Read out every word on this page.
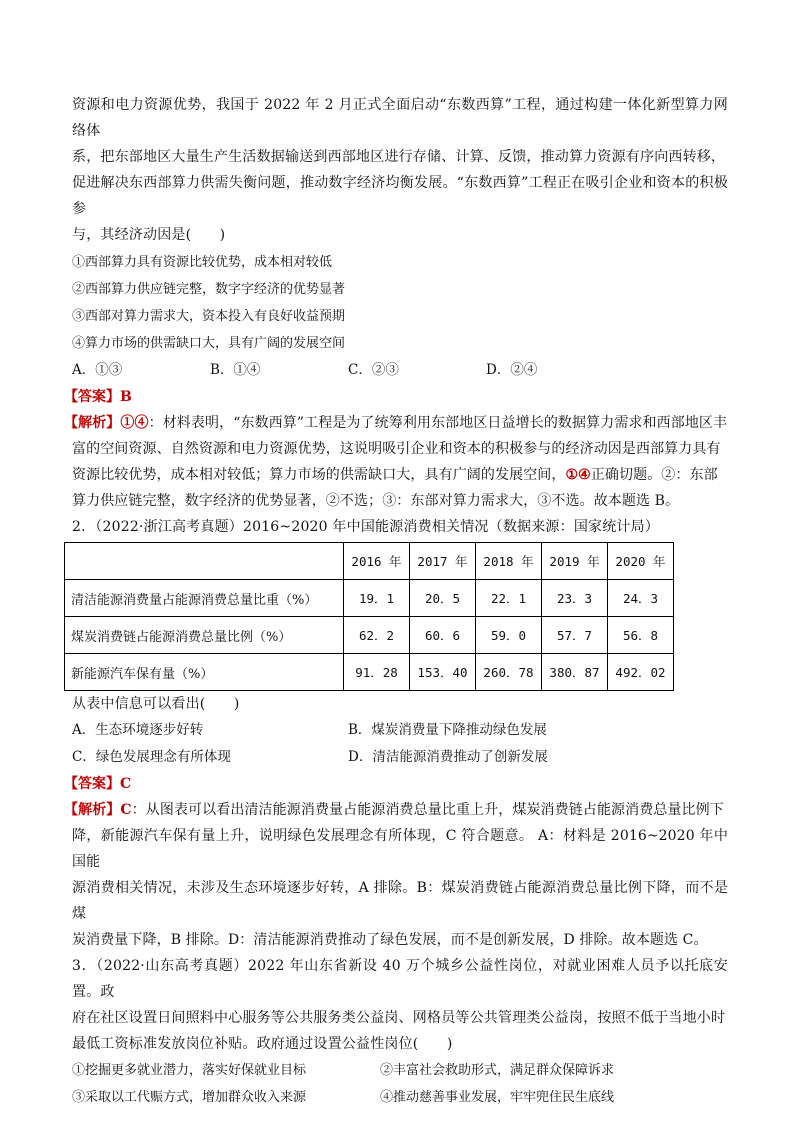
资源和电力资源优势，我国于 2022 年 2 月正式全面启动“东数西算”工程，通过构建一体化新型算力网络体

系，把东部地区大量生产生活数据输送到西部地区进行存储、计算、反馈，推动算力资源有序向西转移，

促进解决东西部算力供需失衡问题，推动数字经济均衡发展。“东数西算”工程正在吸引企业和资本的积极参

与，其经济动因是(　　)

①西部算力具有资源比较优势，成本相对较低

②西部算力供应链完整，数字字经济的优势显著

③西部对算力需求大，资本投入有良好收益预期

④算力市场的供需缺口大，具有广阔的发展空间

A．①③	B．①④	C．②③	D．②④

【答案】B

【解析】①④：材料表明，“东数西算”工程是为了统筹利用东部地区日益增长的数据算力需求和西部地区丰

富的空间资源、自然资源和电力资源优势，这说明吸引企业和资本的积极参与的经济动因是西部算力具有

资源比较优势，成本相对较低；算力市场的供需缺口大，具有广阔的发展空间，①④正确切题。②：东部

算力供应链完整，数字经济的优势显著，②不选；③：东部对算力需求大，③不选。故本题选 B。

2．（2022·浙江高考真题）2016~2020 年中国能源消费相关情况（数据来源：国家统计局）

	2016 年	2017 年	2018 年	2019 年	2020 年
清洁能源消费量占能源消费总量比重（%）	19．1	20．5	22．1	23．3	24．3
煤炭消费链占能源消费总量比例（%）	62．2	60．6	59．0	57．7	56．8
新能源汽车保有量（%）	91．28	153．40	260．78	380．87	492．02

从表中信息可以看出(　　)

A．生态环境逐步好转	B．煤炭消费量下降推动绿色发展

C．绿色发展理念有所体现	D．清洁能源消费推动了创新发展

【答案】C

【解析】C：从图表可以看出清洁能源消费量占能源消费总量比重上升，煤炭消费链占能源消费总量比例下

降，新能源汽车保有量上升，说明绿色发展理念有所体现，C 符合题意。 A：材料是 2016~2020 年中国能

源消费相关情况，未涉及生态环境逐步好转，A 排除。B：煤炭消费链占能源消费总量比例下降，而不是煤

炭消费量下降，B 排除。D：清洁能源消费推动了绿色发展，而不是创新发展，D 排除。故本题选 C。

3．（2022·山东高考真题）2022 年山东省新设 40 万个城乡公益性岗位，对就业困难人员予以托底安置。政

府在社区设置日间照料中心服务等公共服务类公益岗、网格员等公共管理类公益岗，按照不低于当地小时

最低工资标准发放岗位补贴。政府通过设置公益性岗位(　　)

①挖掘更多就业潜力，落实好保就业目标	②丰富社会救助形式，满足群众保障诉求

③采取以工代赈方式，增加群众收入来源	④推动慈善事业发展，牢牢兜住民生底线
